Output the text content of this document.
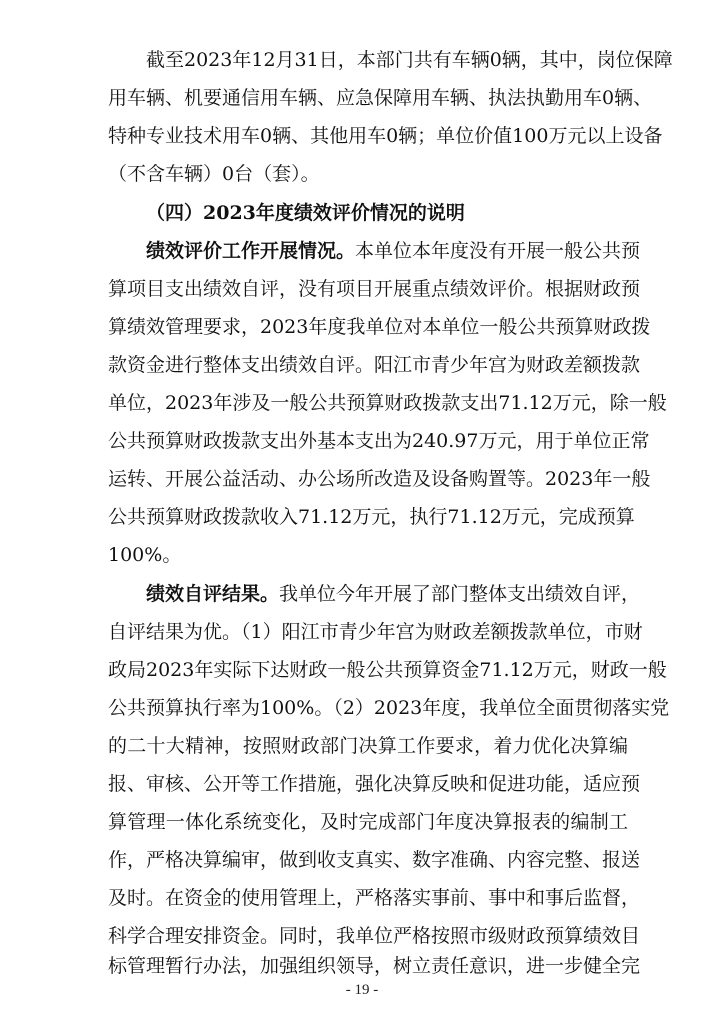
截至2023年12月31日，本部门共有车辆0辆，其中，岗位保障
用车辆、机要通信用车辆、应急保障用车辆、执法执勤用车0辆、
特种专业技术用车0辆、其他用车0辆；单位价值100万元以上设备
（不含车辆）0台（套）。
（四）2023年度绩效评价情况的说明
绩效评价工作开展情况。本单位本年度没有开展一般公共预
算项目支出绩效自评，没有项目开展重点绩效评价。根据财政预
算绩效管理要求，2023年度我单位对本单位一般公共预算财政拨
款资金进行整体支出绩效自评。阳江市青少年宫为财政差额拨款
单位，2023年涉及一般公共预算财政拨款支出71.12万元，除一般
公共预算财政拨款支出外基本支出为240.97万元，用于单位正常
运转、开展公益活动、办公场所改造及设备购置等。2023年一般
公共预算财政拨款收入71.12万元，执行71.12万元，完成预算
100%。
绩效自评结果。我单位今年开展了部门整体支出绩效自评，
自评结果为优。（1）阳江市青少年宫为财政差额拨款单位，市财
政局2023年实际下达财政一般公共预算资金71.12万元，财政一般
公共预算执行率为100%。（2）2023年度，我单位全面贯彻落实党
的二十大精神，按照财政部门决算工作要求，着力优化决算编
报、审核、公开等工作措施，强化决算反映和促进功能，适应预
算管理一体化系统变化，及时完成部门年度决算报表的编制工
作，严格决算编审，做到收支真实、数字准确、内容完整、报送
及时。在资金的使用管理上，严格落实事前、事中和事后监督，
科学合理安排资金。同时，我单位严格按照市级财政预算绩效目
标管理暂行办法，加强组织领导，树立责任意识，进一步健全完
- 19 -
